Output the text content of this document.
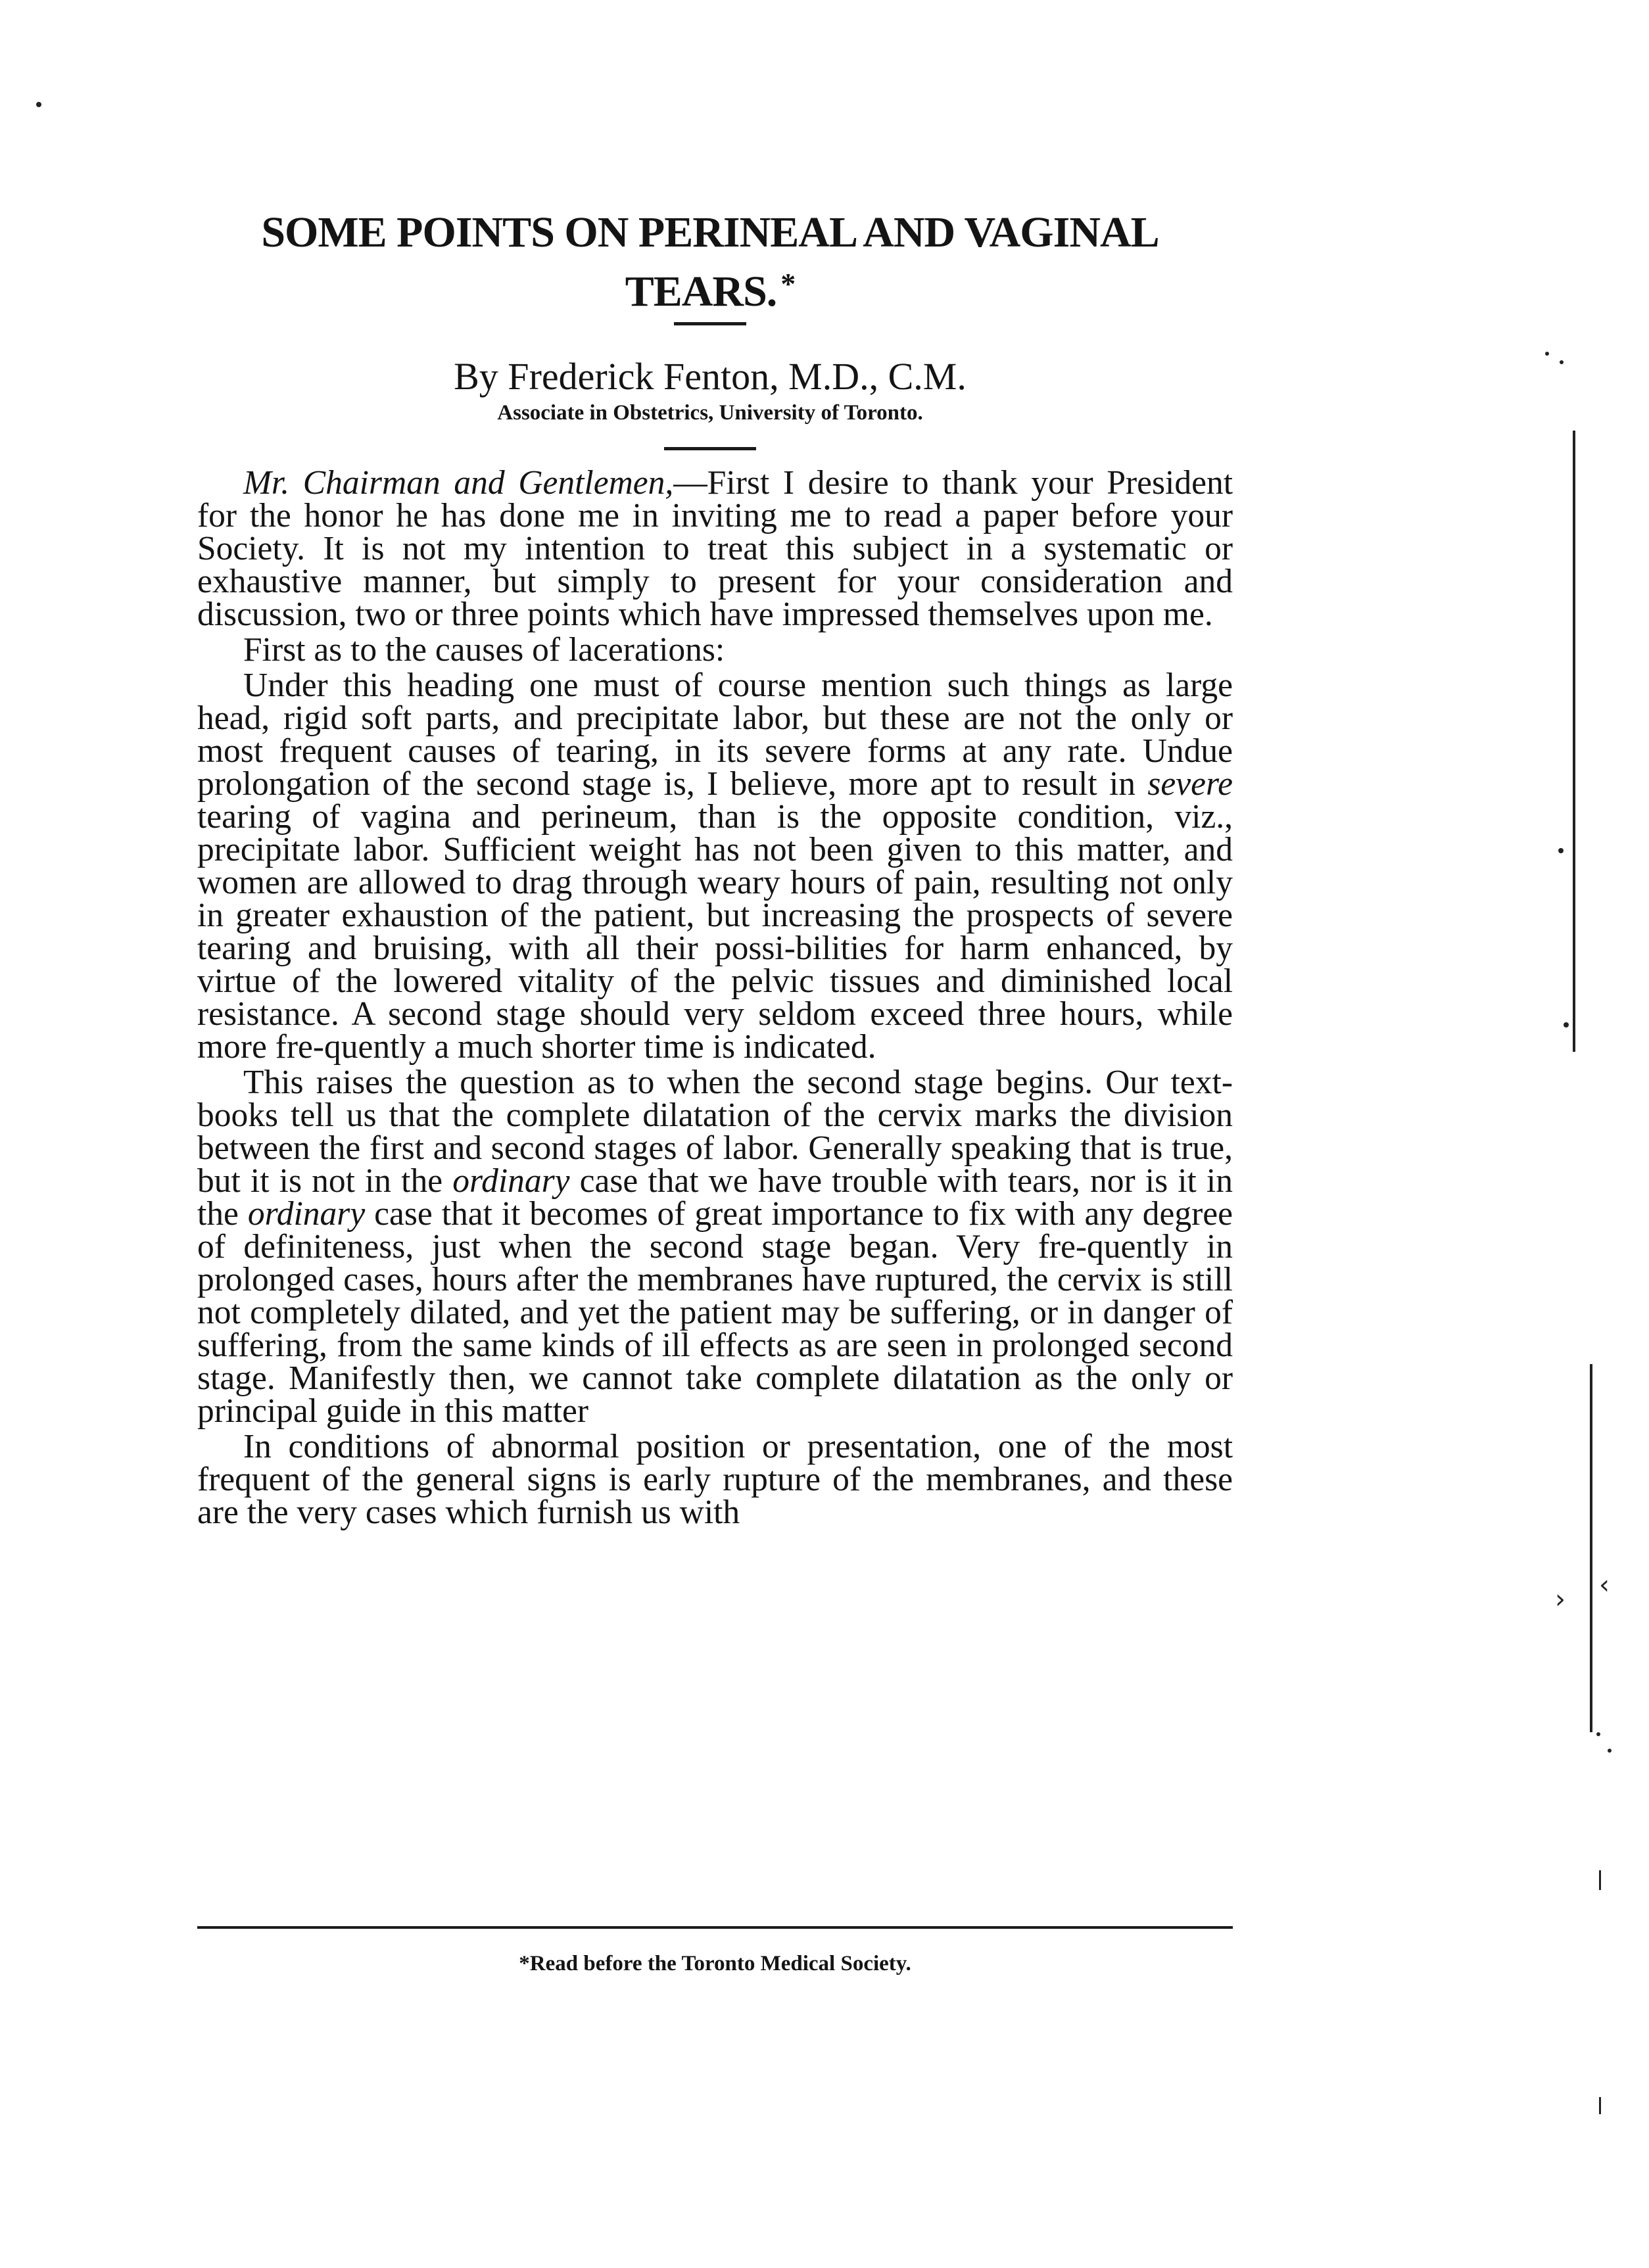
SOME POINTS ON PERINEAL AND VAGINAL
TEARS. *
By Frederick Fenton, M.D., C.M.
Associate in Obstetrics, University of Toronto.

Mr. Chairman and Gentlemen,—First I desire to thank your President for the honor he has done me in inviting me to read a paper before your Society. It is not my intention to treat this subject in a systematic or exhaustive manner, but simply to present for your consideration and discussion, two or three points which have impressed themselves upon me.

First as to the causes of lacerations:

Under this heading one must of course mention such things as large head, rigid soft parts, and precipitate labor, but these are not the only or most frequent causes of tearing, in its severe forms at any rate. Undue prolongation of the second stage is, I believe, more apt to result in severe tearing of vagina and perineum, than is the opposite condition, viz., precipitate labor. Sufficient weight has not been given to this matter, and women are allowed to drag through weary hours of pain, resulting not only in greater exhaustion of the patient, but increasing the prospects of severe tearing and bruising, with all their possi-bilities for harm enhanced, by virtue of the lowered vitality of the pelvic tissues and diminished local resistance. A second stage should very seldom exceed three hours, while more fre-quently a much shorter time is indicated.

This raises the question as to when the second stage begins. Our text-books tell us that the complete dilatation of the cervix marks the division between the first and second stages of labor. Generally speaking that is true, but it is not in the ordinary case that we have trouble with tears, nor is it in the ordinary case that it becomes of great importance to fix with any degree of definiteness, just when the second stage began. Very fre-quently in prolonged cases, hours after the membranes have ruptured, the cervix is still not completely dilated, and yet the patient may be suffering, or in danger of suffering, from the same kinds of ill effects as are seen in prolonged second stage. Manifestly then, we cannot take complete dilatation as the only or principal guide in this matter

In conditions of abnormal position or presentation, one of the most frequent of the general signs is early rupture of the membranes, and these are the very cases which furnish us with

*Read before the Toronto Medical Society.
› ‹
